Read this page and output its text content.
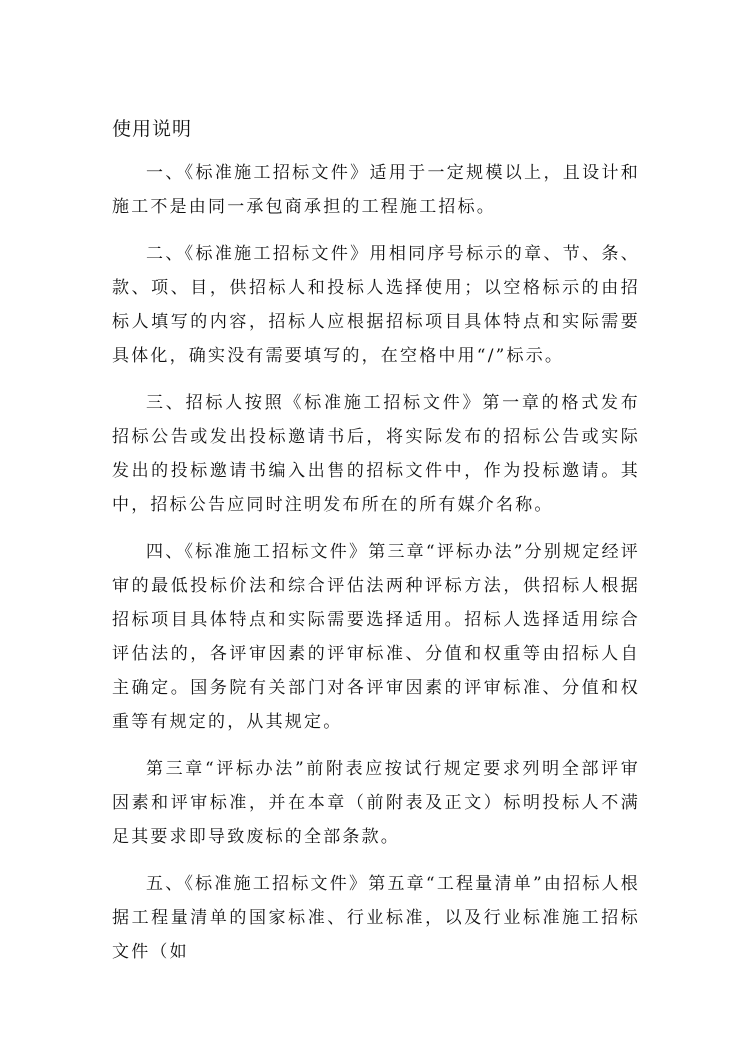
使用说明

一、《标准施工招标文件》适用于一定规模以上，且设计和施工不是由同一承包商承担的工程施工招标。

二、《标准施工招标文件》用相同序号标示的章、节、条、款、项、目，供招标人和投标人选择使用；以空格标示的由招标人填写的内容，招标人应根据招标项目具体特点和实际需要具体化，确实没有需要填写的，在空格中用“/”标示。

三、招标人按照《标准施工招标文件》第一章的格式发布招标公告或发出投标邀请书后，将实际发布的招标公告或实际发出的投标邀请书编入出售的招标文件中，作为投标邀请。其中，招标公告应同时注明发布所在的所有媒介名称。

四、《标准施工招标文件》第三章“评标办法”分别规定经评审的最低投标价法和综合评估法两种评标方法，供招标人根据招标项目具体特点和实际需要选择适用。招标人选择适用综合评估法的，各评审因素的评审标准、分值和权重等由招标人自主确定。国务院有关部门对各评审因素的评审标准、分值和权重等有规定的，从其规定。

第三章“评标办法”前附表应按试行规定要求列明全部评审因素和评审标准，并在本章（前附表及正文）标明投标人不满足其要求即导致废标的全部条款。

五、《标准施工招标文件》第五章“工程量清单”由招标人根据工程量清单的国家标准、行业标准，以及行业标准施工招标文件（如
